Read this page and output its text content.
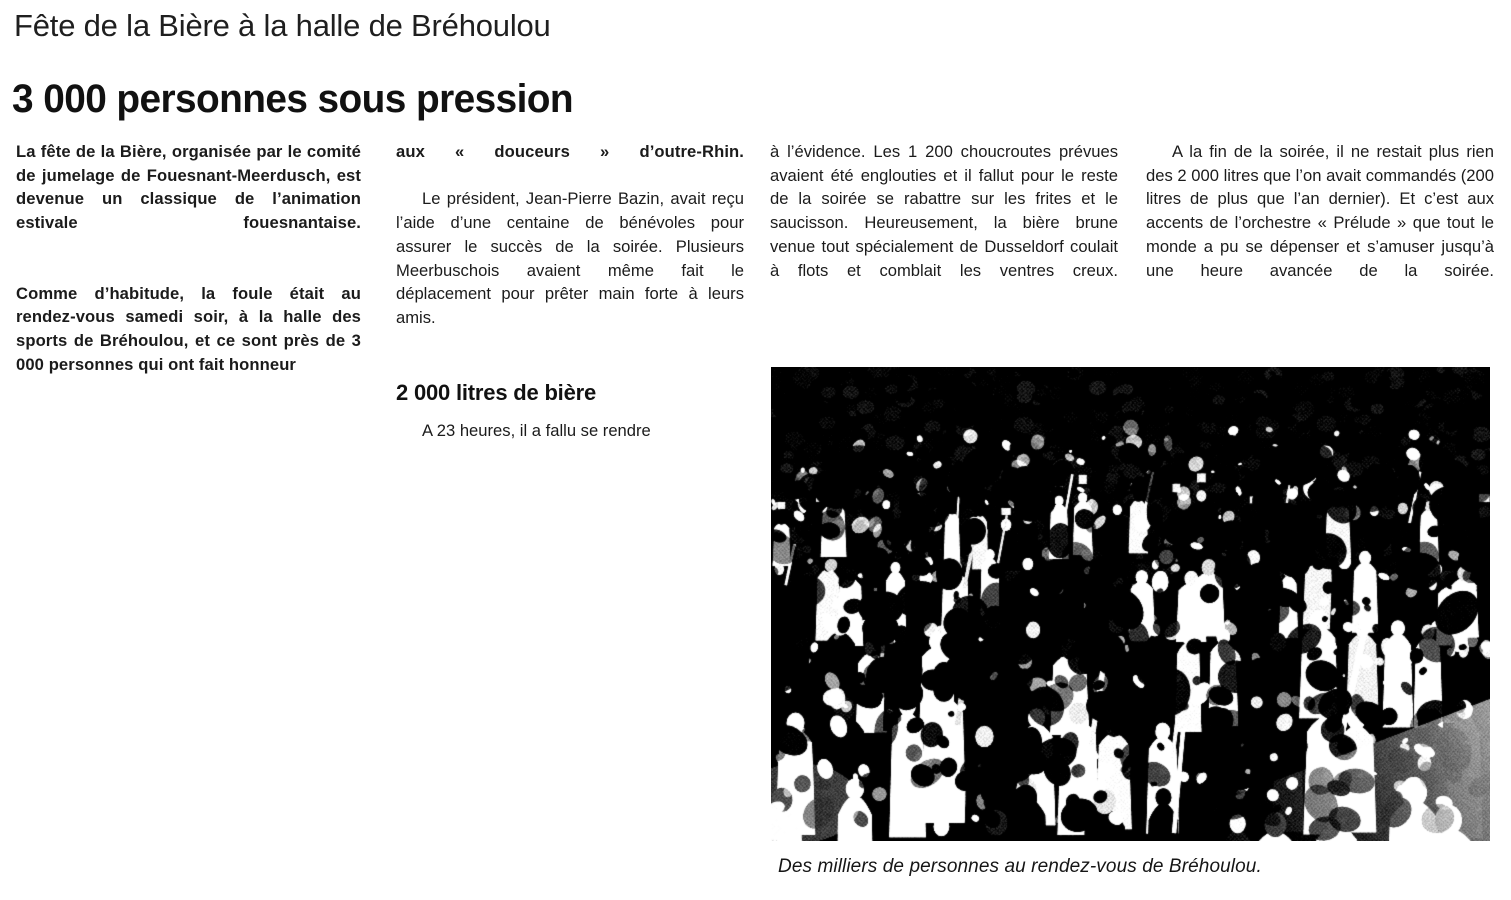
Fête de la Bière à la halle de Bréhoulou
3 000 personnes sous pression

La fête de la Bière, organisée par le comité de jumelage de Fouesnant-Meerdusch, est devenue un classique de l’animation estivale fouesnantaise.

Comme d’habitude, la foule était au rendez-vous samedi soir, à la halle des sports de Bréhoulou, et ce sont près de 3 000 personnes qui ont fait honneur

aux « douceurs » d’outre-Rhin.

Le président, Jean-Pierre Bazin, avait reçu l’aide d’une centaine de bénévoles pour assurer le succès de la soirée. Plusieurs Meerbuschois avaient même fait le déplacement pour prêter main forte à leurs amis.

2 000 litres de bière

A 23 heures, il a fallu se rendre

à l’évidence. Les 1 200 choucroutes prévues avaient été englouties et il fallut pour le reste de la soirée se rabattre sur les frites et le saucisson. Heureusement, la bière brune venue tout spécialement de Dusseldorf coulait à flots et comblait les ventres creux.

A la fin de la soirée, il ne restait plus rien des 2 000 litres que l’on avait commandés (200 litres de plus que l’an dernier). Et c’est aux accents de l’orchestre « Prélude » que tout le monde a pu se dépenser et s’amuser jusqu’à une heure avancée de la soirée.

Des milliers de personnes au rendez-vous de Bréhoulou.
